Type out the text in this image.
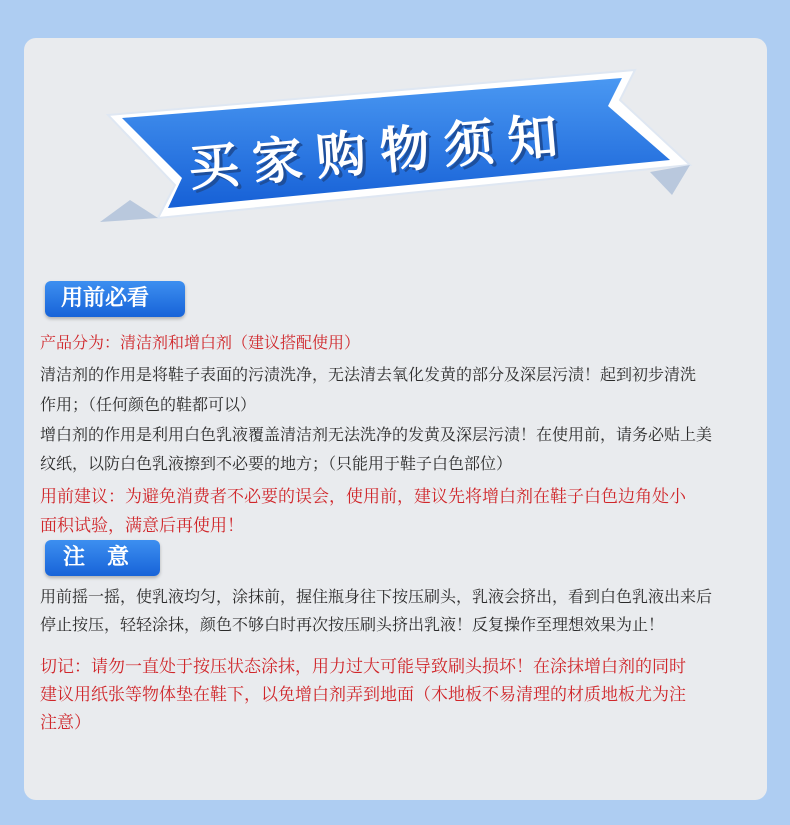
买家购物须知
用前必看
产品分为：清洁剂和增白剂（建议搭配使用）
清洁剂的作用是将鞋子表面的污渍洗净，无法清去氧化发黄的部分及深层污渍！起到初步清洗
作用；（任何颜色的鞋都可以）
增白剂的作用是利用白色乳液覆盖清洁剂无法洗净的发黄及深层污渍！在使用前，请务必贴上美
纹纸，以防白色乳液擦到不必要的地方；（只能用于鞋子白色部位）
用前建议：为避免消费者不必要的误会，使用前，建议先将增白剂在鞋子白色边角处小
面积试验，满意后再使用！
注 意
用前摇一摇，使乳液均匀，涂抹前，握住瓶身往下按压刷头，乳液会挤出，看到白色乳液出来后
停止按压，轻轻涂抹，颜色不够白时再次按压刷头挤出乳液！反复操作至理想效果为止！
切记：请勿一直处于按压状态涂抹，用力过大可能导致刷头损坏！在涂抹增白剂的同时
建议用纸张等物体垫在鞋下，以免增白剂弄到地面（木地板不易清理的材质地板尤为注
注意）
